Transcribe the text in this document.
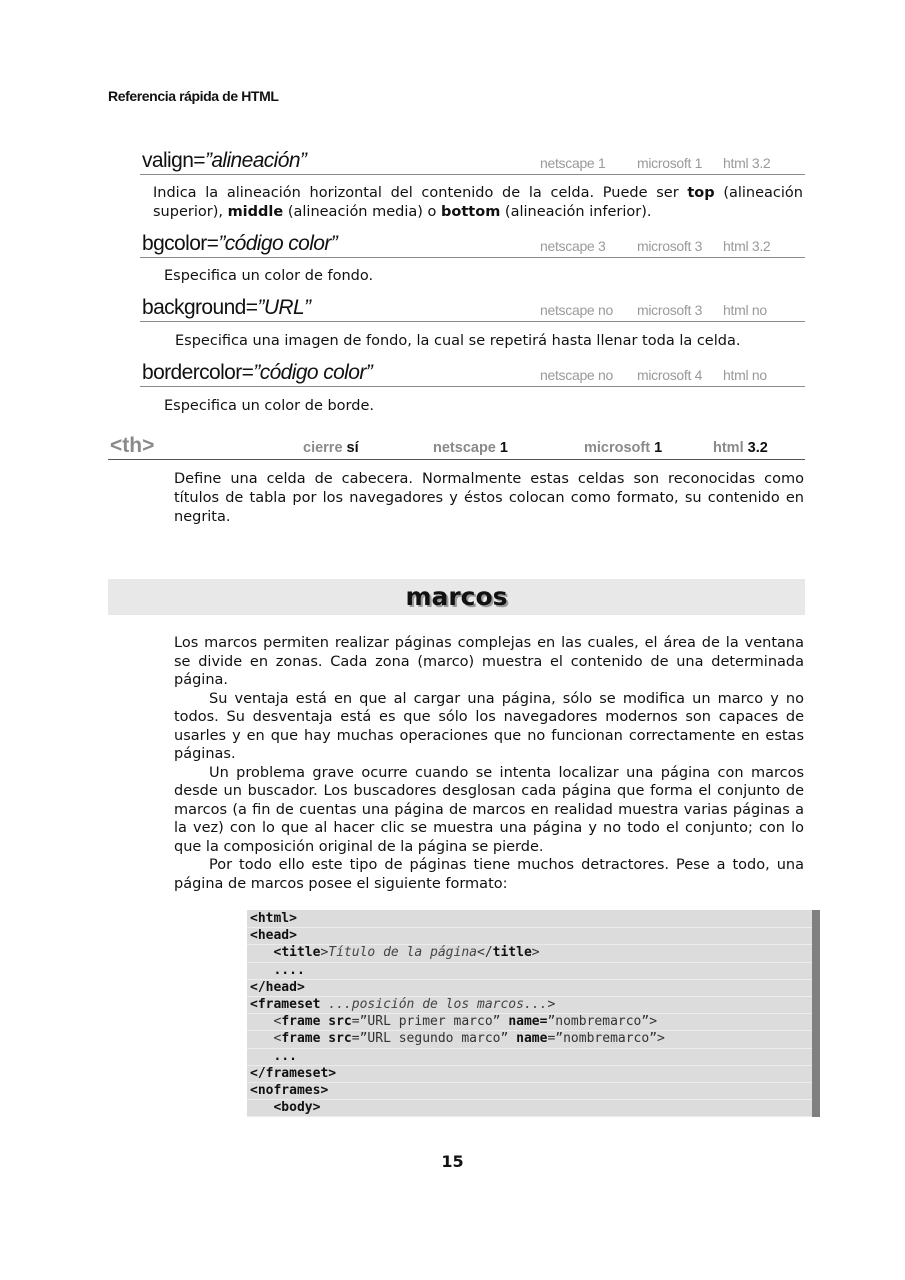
Referencia rápida de HTML
valign=”alineación”	netscape 1 microsoft 1 html 3.2
Indica la alineación horizontal del contenido de la celda. Puede ser top (alineación superior), middle (alineación media) o bottom (alineación inferior).
bgcolor=”código color”	netscape 3 microsoft 3 html 3.2
Especifica un color de fondo.
background=”URL”	netscape no microsoft 3 html no
Especifica una imagen de fondo, la cual se repetirá hasta llenar toda la celda.
bordercolor=”código color”	netscape no microsoft 4 html no
Especifica un color de borde.
<th>	cierre sí	netscape 1	microsoft 1	html 3.2
Define una celda de cabecera. Normalmente estas celdas son reconocidas como títulos de tabla por los navegadores y éstos colocan como formato, su contenido en negrita.
marcos

Los marcos permiten realizar páginas complejas en las cuales, el área de la ventana se divide en zonas. Cada zona (marco) muestra el contenido de una determinada página.

Su ventaja está en que al cargar una página, sólo se modifica un marco y no todos. Su desventaja está es que sólo los navegadores modernos son capaces de usarles y en que hay muchas operaciones que no funcionan correctamente en estas páginas.

Un problema grave ocurre cuando se intenta localizar una página con marcos desde un buscador. Los buscadores desglosan cada página que forma el conjunto de marcos (a fin de cuentas una página de marcos en realidad muestra varias páginas a la vez) con lo que al hacer clic se muestra una página y no todo el conjunto; con lo que la composición original de la página se pierde.

Por todo ello este tipo de páginas tiene muchos detractores. Pese a todo, una página de marcos posee el siguiente formato:

<html>
<head>
<title>Título de la página</title>
....
</head>
<frameset ...posición de los marcos...>
<frame src=”URL primer marco” name=”nombremarco”>
<frame src=”URL segundo marco” name=”nombremarco”>
...
</frameset>
<noframes>
<body>
15
